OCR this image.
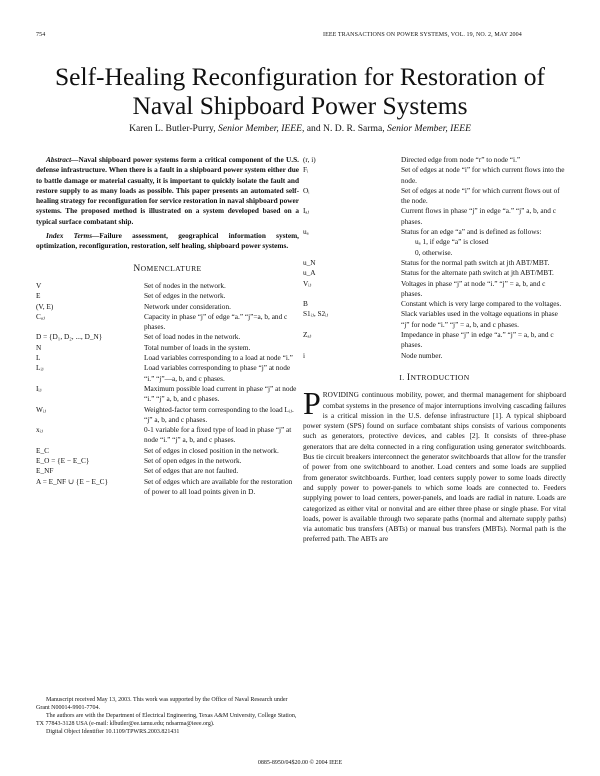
754	IEEE TRANSACTIONS ON POWER SYSTEMS, VOL. 19, NO. 2, MAY 2004
Self-Healing Reconfiguration for Restoration of
Naval Shipboard Power Systems
Karen L. Butler-Purry, Senior Member, IEEE, and N. D. R. Sarma, Senior Member, IEEE
Abstract—Naval shipboard power systems form a critical component of the U.S. defense infrastructure. When there is a fault in a shipboard power system either due to battle damage or material casualty, it is important to quickly isolate the fault and restore supply to as many loads as possible. This paper presents an automated self-healing strategy for reconfiguration for service restoration in naval shipboard power systems. The proposed method is illustrated on a system developed based on a typical surface combatant ship.
Index Terms—Failure assessment, geographical information system, optimization, reconfiguration, restoration, self healing, shipboard power systems.
NOMENCLATURE
V	Set of nodes in the network.
E	Set of edges in the network.
(V, E)	Network under consideration.
Cₐⱼ	Capacity in phase “j” of edge “a.” “j”=a, b, and c phases.
D = {D₁, D₂, ..., D_N}	Set of load nodes in the network.
N	Total number of loads in the system.
L	Load variables corresponding to a load at node “i.”
Lᵢⱼ	Load variables corresponding to phase “j” at node “i.” “j”—a, b, and c phases.
Iᵢⱼ	Maximum possible load current in phase “j” at node “i.” “j” a, b, and c phases.
Wᵢⱼ	Weighted-factor term corresponding to the load Lᵢⱼ. “j” a, b, and c phases.
xᵢⱼ	0-1 variable for a fixed type of load in phase “j” at node “i.” “j” a, b, and c phases.
E_C	Set of edges in closed position in the network.
E_O = {E − E_C}	Set of open edges in the network.
E_NF	Set of edges that are not faulted.
A = E_NF ∪ {E − E_C}	Set of edges which are available for the restoration of power to all load points given in D.
(r, i)	Directed edge from node “r” to node “i.”
Fᵢ	Set of edges at node “i” for which current flows into the node.
Oᵢ	Set of edges at node “i” for which current flows out of the node.
Iₐⱼ	Current flows in phase “j” in edge “a.” “j” a, b, and c phases.
uₐ	Status for an edge “a” and is defined as follows:
uₐ 1, if edge “a” is closed
0, otherwise.
u_N	Status for the normal path switch at jth ABT/MBT.
u_A	Status for the alternate path switch at jth ABT/MBT.
Vᵢⱼ	Voltages in phase “j” at node “i.” “j” = a, b, and c phases.
B	Constant which is very large compared to the voltages.
S1ᵢⱼ, S2ᵢⱼ	Slack variables used in the voltage equations in phase “j” for node “i.” “j” = a, b, and c phases.
Zₐⱼ	Impedance in phase “j” in edge “a.” “j” = a, b, and c phases.
i	Node number.
I. INTRODUCTION
PROVIDING continuous mobility, power, and thermal management for shipboard combat systems in the presence of major interruptions involving cascading failures is a critical mission in the U.S. defense infrastructure [1]. A typical shipboard power system (SPS) found on surface combatant ships consists of various components such as generators, protective devices, and cables [2]. It consists of three-phase generators that are delta connected in a ring configuration using generator switchboards. Bus tie circuit breakers interconnect the generator switchboards that allow for the transfer of power from one switchboard to another. Load centers and some loads are supplied from generator switchboards. Further, load centers supply power to some loads directly and supply power to power-panels to which some loads are connected to. Feeders supplying power to load centers, power-panels, and loads are radial in nature. Loads are categorized as either vital or nonvital and are either three phase or single phase. For vital loads, power is available through two separate paths (normal and alternate supply paths) via automatic bus transfers (ABTs) or manual bus transfers (MBTs). Normal path is the preferred path. The ABTs are
Manuscript received May 13, 2003. This work was supported by the Office of Naval Research under Grant N00014-9901-7704.
The authors are with the Department of Electrical Engineering, Texas A&M University, College Station, TX 77843-3128 USA (e-mail: klbutler@ee.tamu.edu; ndsarma@ieee.org).
Digital Object Identifier 10.1109/TPWRS.2003.821431
0885-8950/04$20.00 © 2004 IEEE
